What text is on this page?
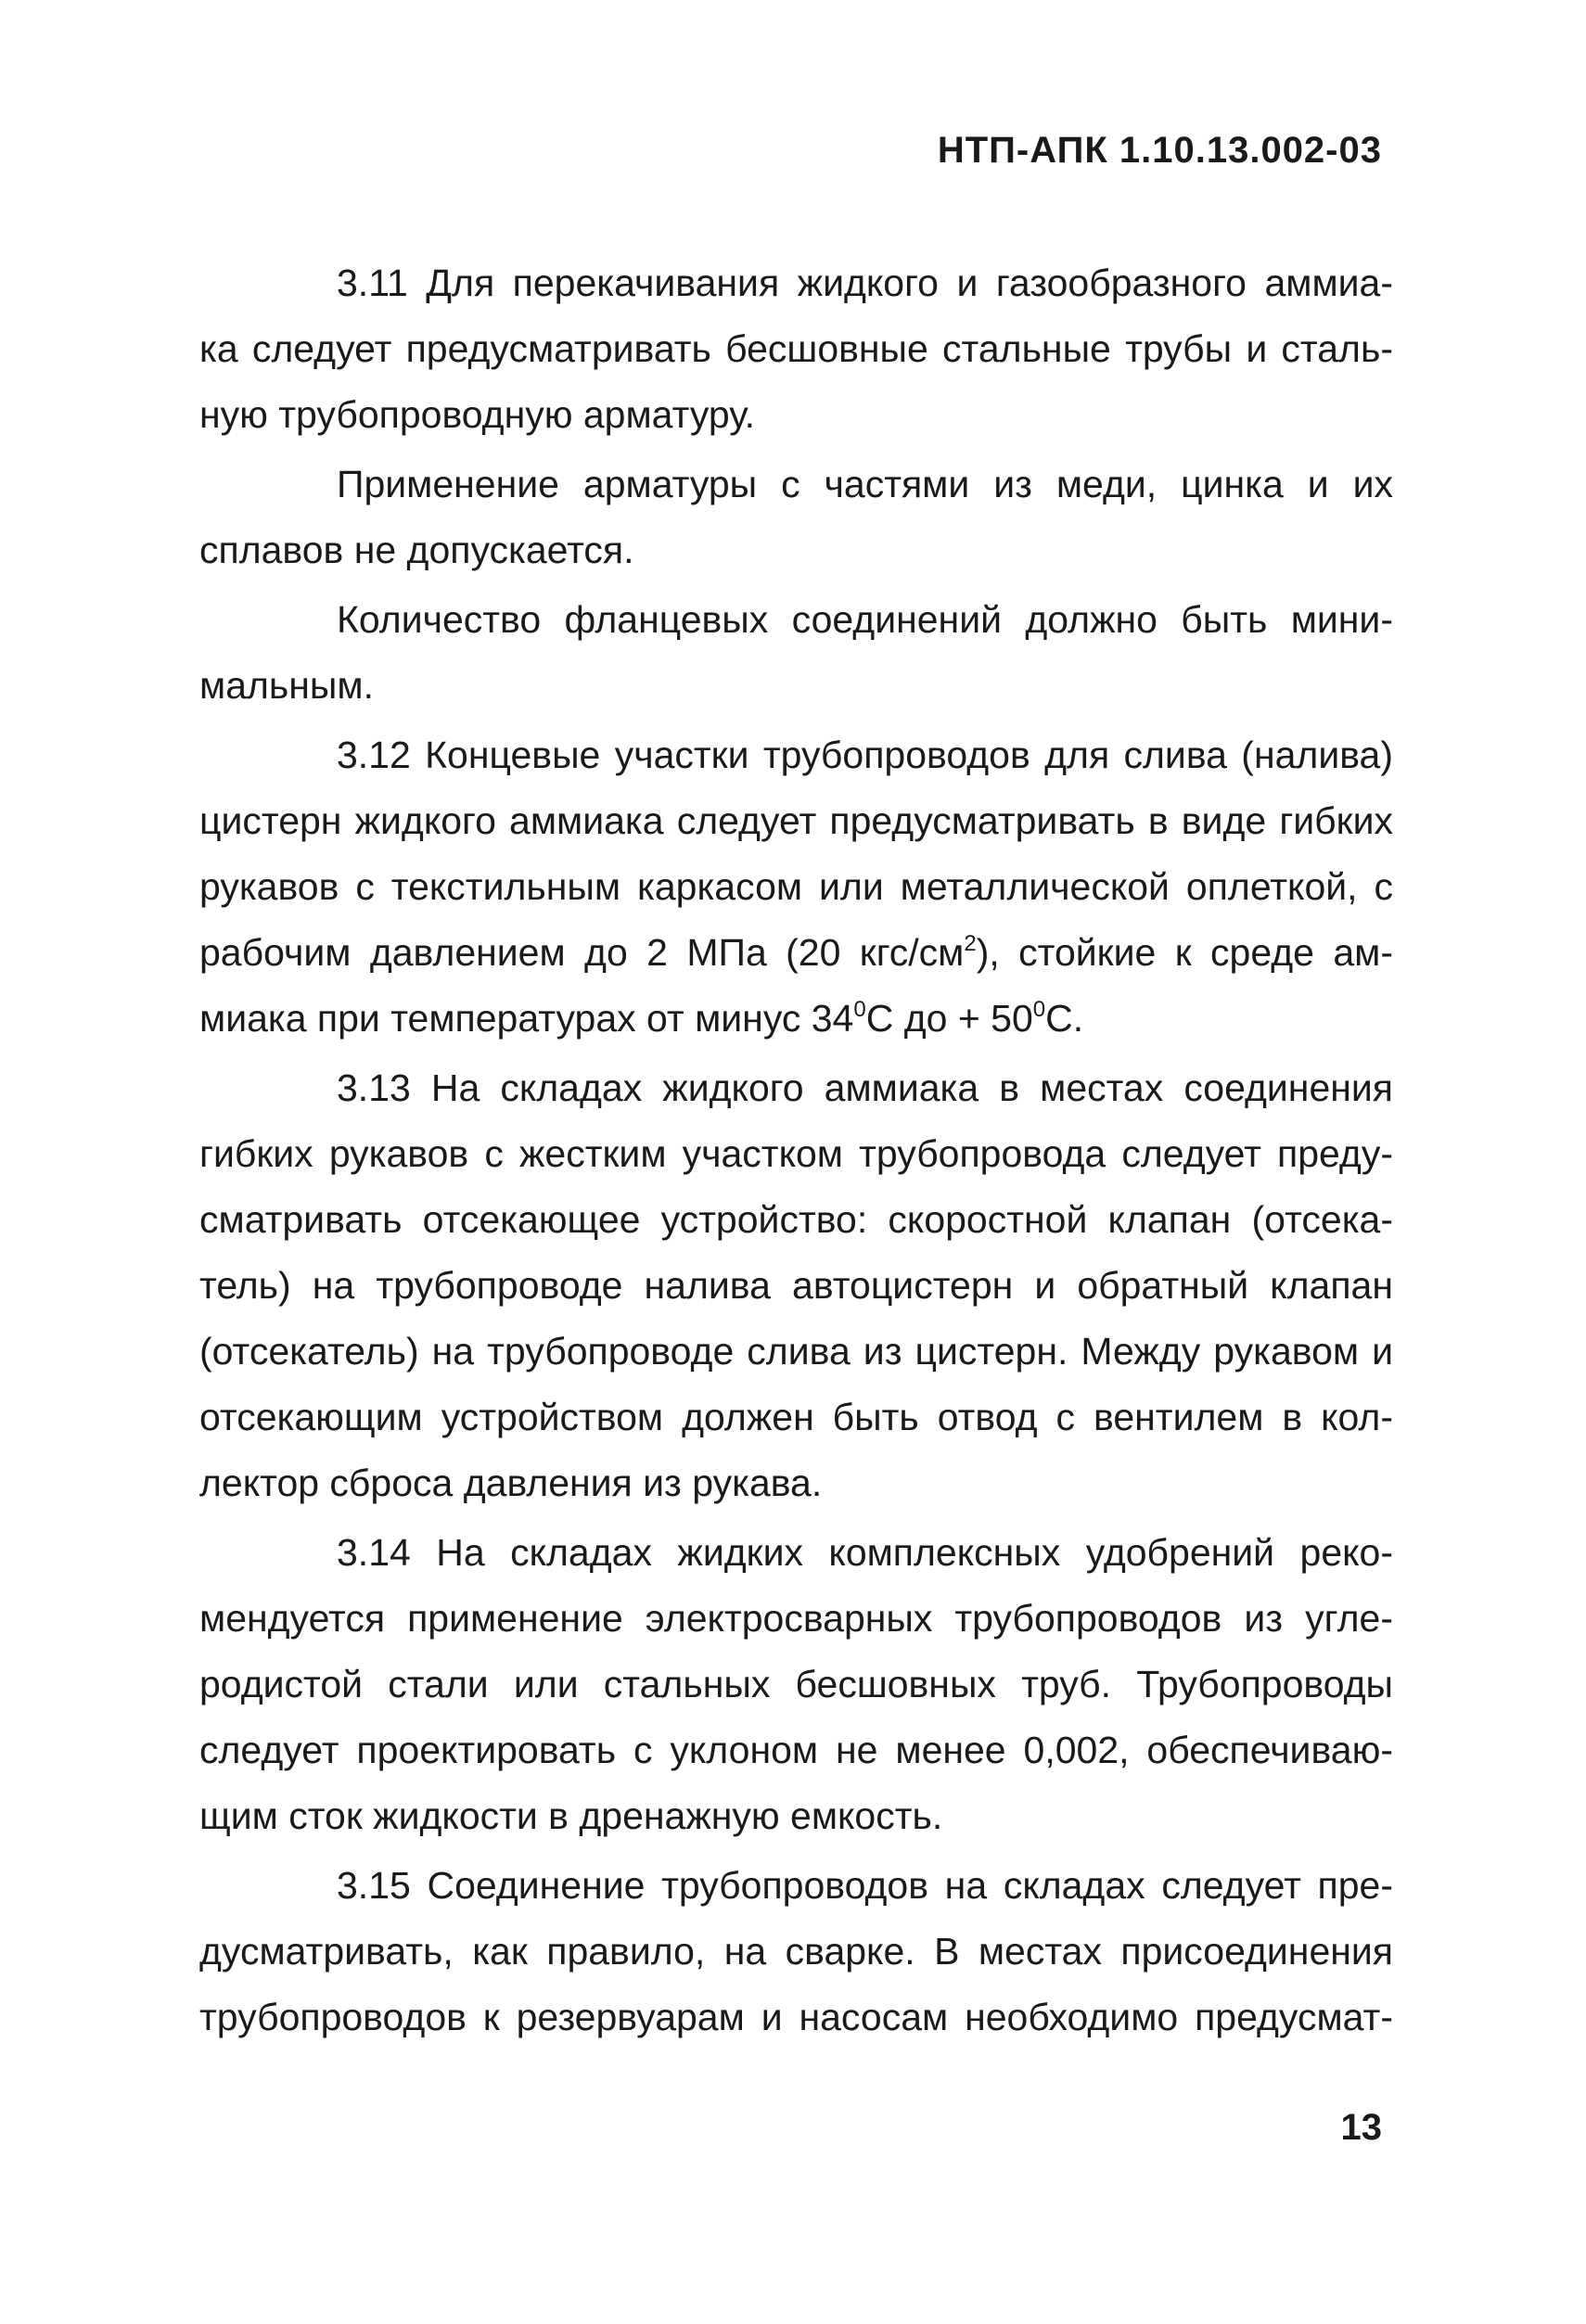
НТП-АПК 1.10.13.002-03
3.11 Для перекачивания жидкого и газообразного аммиа-
ка следует предусматривать бесшовные стальные трубы и сталь-
ную трубопроводную арматуру.
Применение арматуры с частями из меди, цинка и их
сплавов не допускается.
Количество фланцевых соединений должно быть мини-
мальным.
3.12 Концевые участки трубопроводов для слива (налива)
цистерн жидкого аммиака следует предусматривать в виде гибких
рукавов с текстильным каркасом или металлической оплеткой, с
рабочим давлением до 2 МПа (20 кгс/$см^2$), стойкие к среде ам-
миака при температурах от минус $34^0С$ до + $50^0С$.
3.13 На складах жидкого аммиака в местах соединения
гибких рукавов с жестким участком трубопровода следует преду-
сматривать отсекающее устройство: скоростной клапан (отсека-
тель) на трубопроводе налива автоцистерн и обратный клапан
(отсекатель) на трубопроводе слива из цистерн. Между рукавом и
отсекающим устройством должен быть отвод с вентилем в кол-
лектор сброса давления из рукава.
3.14 На складах жидких комплексных удобрений реко-
мендуется применение электросварных трубопроводов из угле-
родистой стали или стальных бесшовных труб. Трубопроводы
следует проектировать с уклоном не менее 0,002, обеспечиваю-
щим сток жидкости в дренажную емкость.
3.15 Соединение трубопроводов на складах следует пре-
дусматривать, как правило, на сварке. В местах присоединения
трубопроводов к резервуарам и насосам необходимо предусмат-
13
